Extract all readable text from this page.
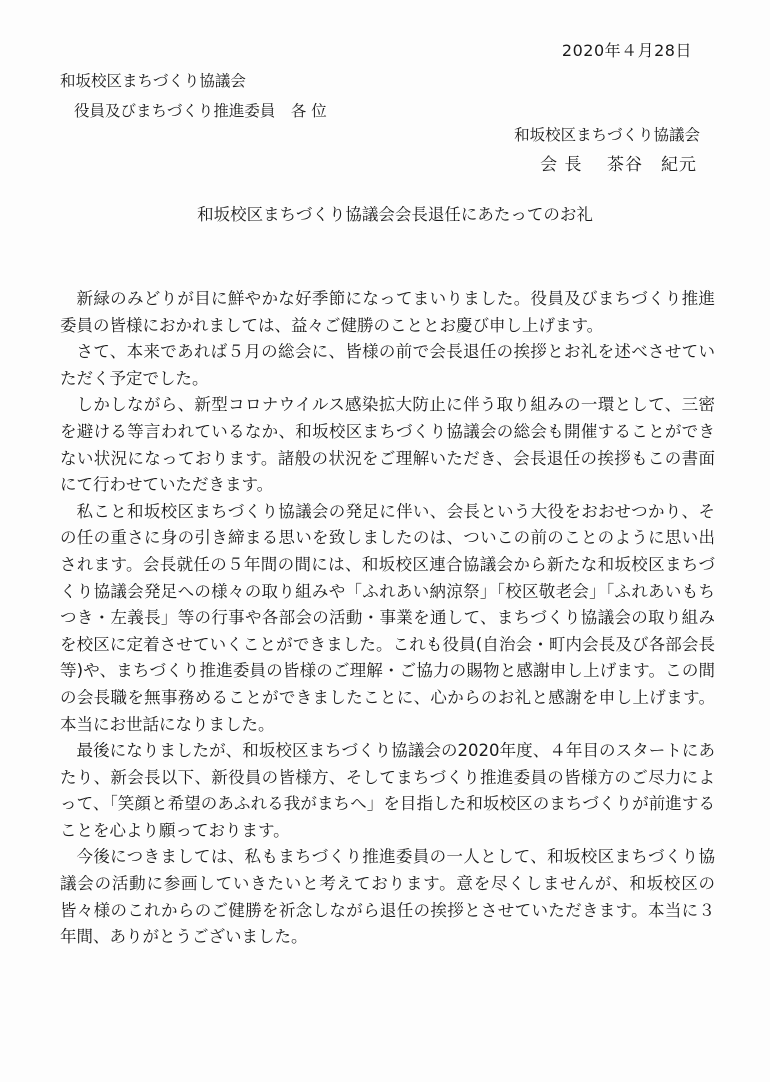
2020年４月28日
和坂校区まちづくり協議会
役員及びまちづくり推進委員　各 位
和坂校区まちづくり協議会
会 長　 茶谷　紀元
和坂校区まちづくり協議会会長退任にあたってのお礼

新緑のみどりが目に鮮やかな好季節になってまいりました。役員及びまちづくり推進委員の皆様におかれましては、益々ご健勝のこととお慶び申し上げます。

さて、本来であれば５月の総会に、皆様の前で会長退任の挨拶とお礼を述べさせていただく予定でした。

しかしながら、新型コロナウイルス感染拡大防止に伴う取り組みの一環として、三密を避ける等言われているなか、和坂校区まちづくり協議会の総会も開催することができない状況になっております。諸般の状況をご理解いただき、会長退任の挨拶もこの書面にて行わせていただきます。

私こと和坂校区まちづくり協議会の発足に伴い、会長という大役をおおせつかり、その任の重さに身の引き締まる思いを致しましたのは、ついこの前のことのように思い出されます。会長就任の５年間の間には、和坂校区連合協議会から新たな和坂校区まちづくり協議会発足への様々の取り組みや「ふれあい納涼祭」「校区敬老会」「ふれあいもちつき・左義長」等の行事や各部会の活動・事業を通して、まちづくり協議会の取り組みを校区に定着させていくことができました。これも役員(自治会・町内会長及び各部会長等)や、まちづくり推進委員の皆様のご理解・ご協力の賜物と感謝申し上げます。この間の会長職を無事務めることができましたことに、心からのお礼と感謝を申し上げます。本当にお世話になりました。

最後になりましたが、和坂校区まちづくり協議会の2020年度、４年目のスタートにあたり、新会長以下、新役員の皆様方、そしてまちづくり推進委員の皆様方のご尽力によって、「笑顔と希望のあふれる我がまちへ」を目指した和坂校区のまちづくりが前進することを心より願っております。

今後につきましては、私もまちづくり推進委員の一人として、和坂校区まちづくり協議会の活動に参画していきたいと考えております。意を尽くしませんが、和坂校区の皆々様のこれからのご健勝を祈念しながら退任の挨拶とさせていただきます。本当に３年間、ありがとうございました。
